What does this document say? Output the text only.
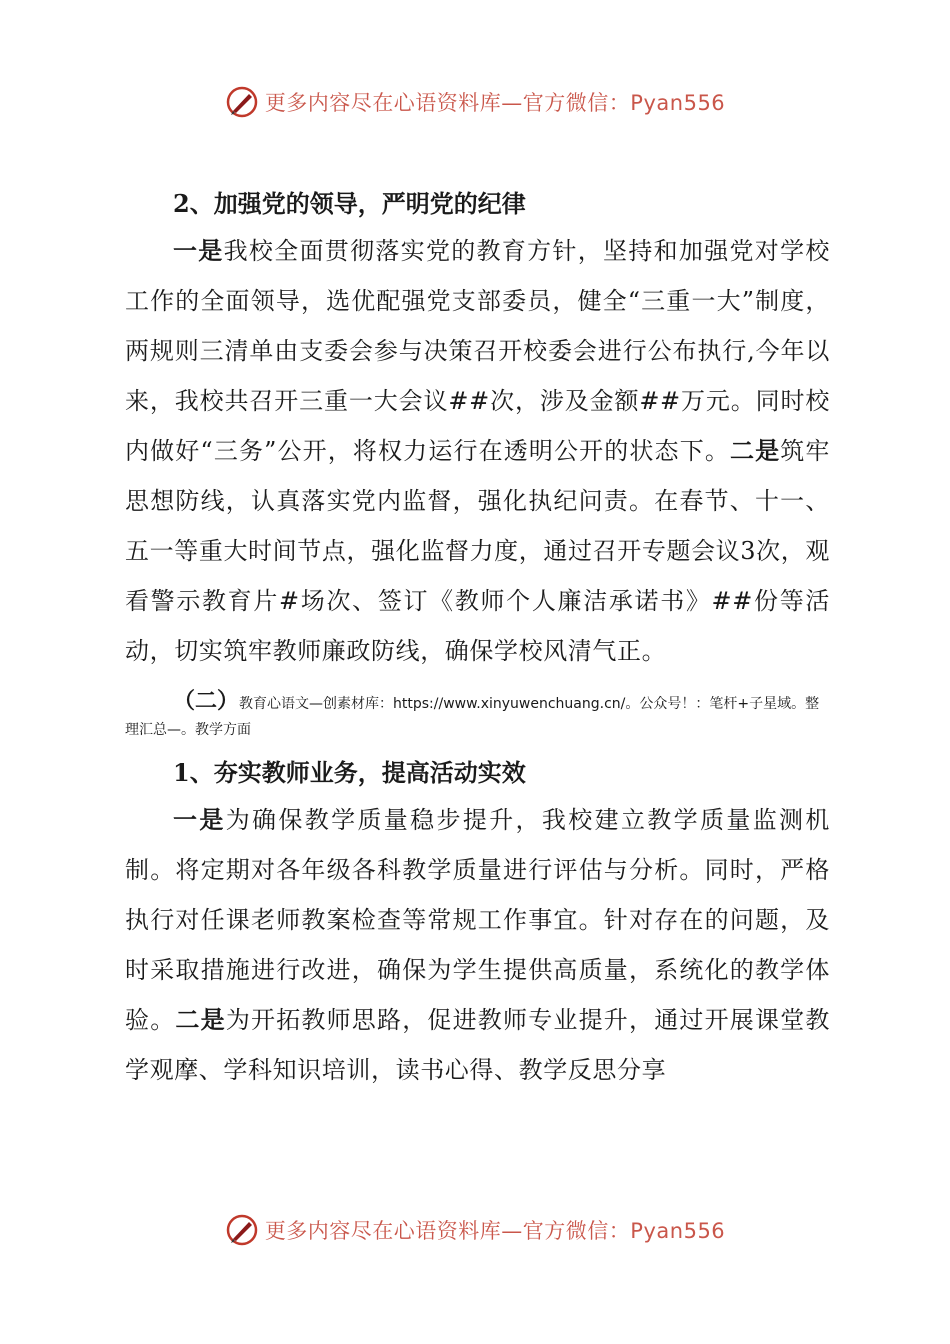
更多内容尽在心语资料库—官方微信：Pyan556

2、加强党的领导，严明党的纪律

一是我校全面贯彻落实党的教育方针，坚持和加强党对学校工作的全面领导，选优配强党支部委员，健全“三重一大”制度，两规则三清单由支委会参与决策召开校委会进行公布执行,今年以来，我校共召开三重一大会议##次，涉及金额##万元。同时校内做好“三务”公开，将权力运行在透明公开的状态下。二是筑牢思想防线，认真落实党内监督，强化执纪问责。在春节、十一、五一等重大时间节点，强化监督力度，通过召开专题会议3次，观看警示教育片#场次、签订《教师个人廉洁承诺书》##份等活动，切实筑牢教师廉政防线，确保学校风清气正。

（二）教育心语文—创素材库：https://www.xinyuwenchuang.cn/。公众号！：笔杆+子星域。整理汇总—。教学方面

1、夯实教师业务，提高活动实效

一是为确保教学质量稳步提升，我校建立教学质量监测机制。将定期对各年级各科教学质量进行评估与分析。同时，严格执行对任课老师教案检查等常规工作事宜。针对存在的问题，及时采取措施进行改进，确保为学生提供高质量，系统化的教学体验。二是为开拓教师思路，促进教师专业提升，通过开展课堂教学观摩、学科知识培训，读书心得、教学反思分享

更多内容尽在心语资料库—官方微信：Pyan556
